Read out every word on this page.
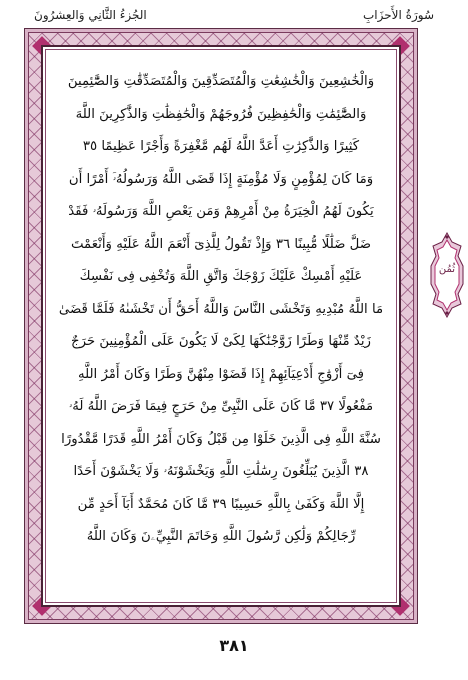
سُورَةُ الأَحزَابِ
الجُزءُ الثَّانِي وَالعِشرُونَ
وَالْخَٰشِعِينَ وَالْخَٰشِعَٰتِ وَالْمُتَصَدِّقِينَ وَالْمُتَصَدِّقَٰتِ وَالصَّٰٓئِمِينَ
وَالصَّٰٓئِمَٰتِ وَالْحَٰفِظِينَ فُرُوجَهُمْ وَالْحَٰفِظَٰتِ وَالذَّٰكِرِينَ اللَّهَ
كَثِيرًا وَالذَّٰكِرَٰتِ أَعَدَّ اللَّهُ لَهُم مَّغْفِرَةً وَأَجْرًا عَظِيمًا ٣٥
وَمَا كَانَ لِمُؤْمِنٍ وَلَا مُؤْمِنَةٍ إِذَا قَضَى اللَّهُ وَرَسُولُهُۥٓ أَمْرًا أَن
يَكُونَ لَهُمُ الْخِيَرَةُ مِنْ أَمْرِهِمْ وَمَن يَعْصِ اللَّهَ وَرَسُولَهُۥ فَقَدْ
ضَلَّ ضَلَٰلًا مُّبِينًا ٣٦ وَإِذْ تَقُولُ لِلَّذِىٓ أَنْعَمَ اللَّهُ عَلَيْهِ وَأَنْعَمْتَ
عَلَيْهِ أَمْسِكْ عَلَيْكَ زَوْجَكَ وَاتَّقِ اللَّهَ وَتُخْفِى فِى نَفْسِكَ
مَا اللَّهُ مُبْدِيهِ وَتَخْشَى النَّاسَ وَاللَّهُ أَحَقُّ أَن تَخْشَىٰهُ فَلَمَّا قَضَىٰ
زَيْدٌ مِّنْهَا وَطَرًا زَوَّجْنَٰكَهَا لِكَىْ لَا يَكُونَ عَلَى الْمُؤْمِنِينَ حَرَجٌ
فِىٓ أَزْوَٰجِ أَدْعِيَآئِهِمْ إِذَا قَضَوْا مِنْهُنَّ وَطَرًا وَكَانَ أَمْرُ اللَّهِ
مَفْعُولًا ٣٧ مَّا كَانَ عَلَى النَّبِىِّ مِنْ حَرَجٍ فِيمَا فَرَضَ اللَّهُ لَهُۥ
سُنَّةَ اللَّهِ فِى الَّذِينَ خَلَوْا مِن قَبْلُ وَكَانَ أَمْرُ اللَّهِ قَدَرًا مَّقْدُورًا
٣٨ الَّذِينَ يُبَلِّغُونَ رِسَٰلَٰتِ اللَّهِ وَيَخْشَوْنَهُۥ وَلَا يَخْشَوْنَ أَحَدًا
إِلَّا اللَّهَ وَكَفَىٰ بِاللَّهِ حَسِيبًا ٣٩ مَّا كَانَ مُحَمَّدٌ أَبَآ أَحَدٍ مِّن
رِّجَالِكُمْ وَلَٰكِن رَّسُولَ اللَّهِ وَخَاتَمَ النَّبِيِّۦنَ وَكَانَ اللَّهُ
ثُمُن
٣٨١
